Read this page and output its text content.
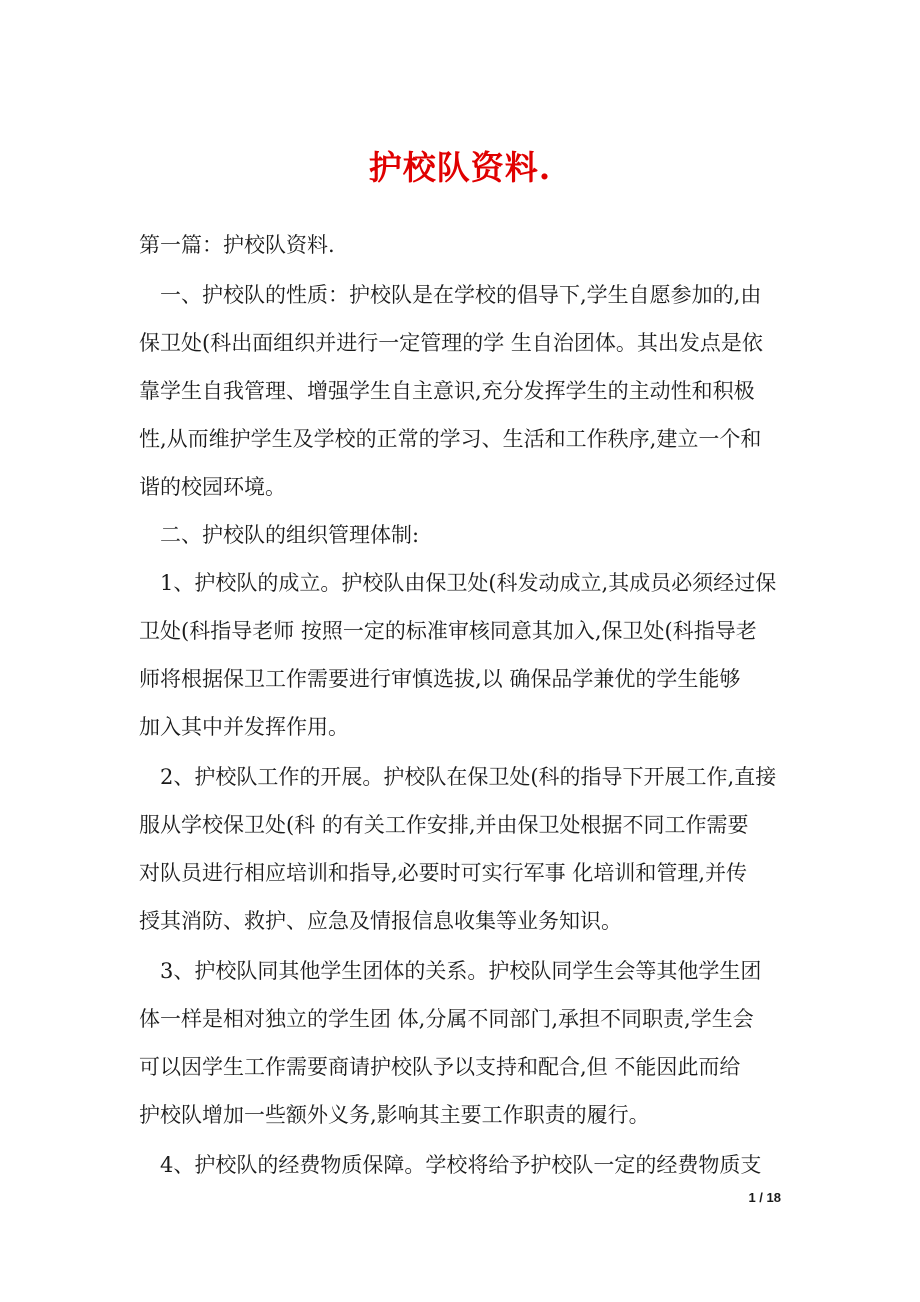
护校队资料.
第一篇：护校队资料.
　一、护校队的性质：护校队是在学校的倡导下,学生自愿参加的,由
保卫处(科出面组织并进行一定管理的学 生自治团体。其出发点是依
靠学生自我管理、增强学生自主意识,充分发挥学生的主动性和积极
性,从而维护学生及学校的正常的学习、生活和工作秩序,建立一个和
谐的校园环境。
　二、护校队的组织管理体制:
　1、护校队的成立。护校队由保卫处(科发动成立,其成员必须经过保
卫处(科指导老师 按照一定的标准审核同意其加入,保卫处(科指导老
师将根据保卫工作需要进行审慎选拔,以 确保品学兼优的学生能够
加入其中并发挥作用。
　2、护校队工作的开展。护校队在保卫处(科的指导下开展工作,直接
服从学校保卫处(科 的有关工作安排,并由保卫处根据不同工作需要
对队员进行相应培训和指导,必要时可实行军事 化培训和管理,并传
授其消防、救护、应急及情报信息收集等业务知识。
　3、护校队同其他学生团体的关系。护校队同学生会等其他学生团
体一样是相对独立的学生团 体,分属不同部门,承担不同职责,学生会
可以因学生工作需要商请护校队予以支持和配合,但 不能因此而给
护校队增加一些额外义务,影响其主要工作职责的履行。
　4、护校队的经费物质保障。学校将给予护校队一定的经费物质支
1 / 18
